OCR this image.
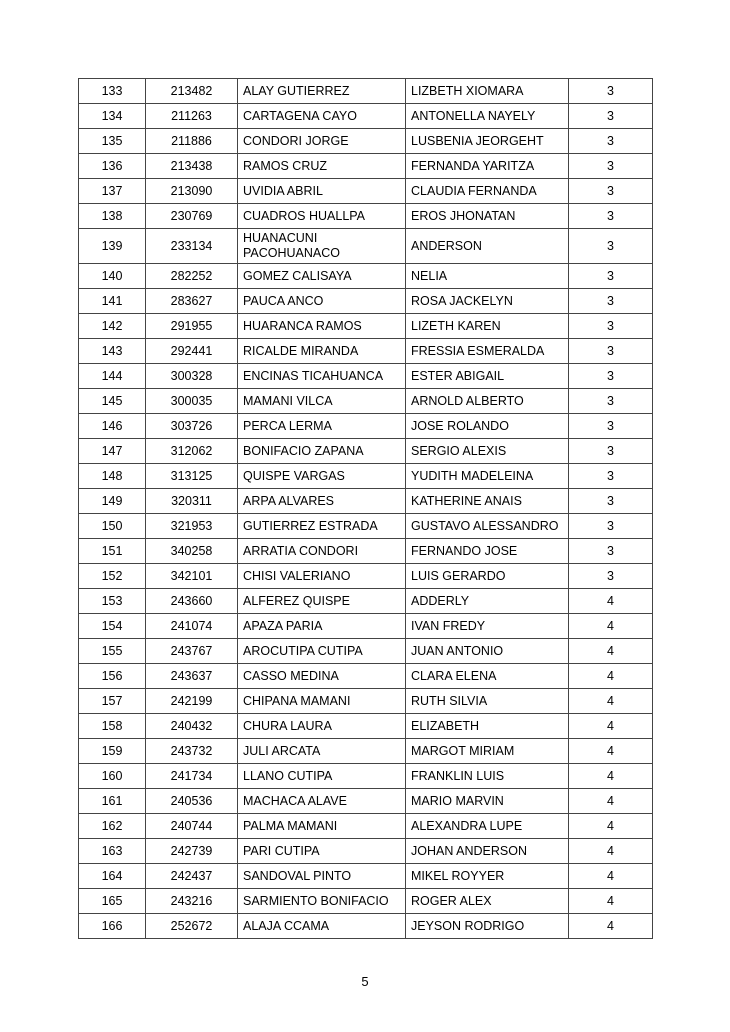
133	213482	ALAY GUTIERREZ	LIZBETH XIOMARA	3
134	211263	CARTAGENA CAYO	ANTONELLA NAYELY	3
135	211886	CONDORI JORGE	LUSBENIA JEORGEHT	3
136	213438	RAMOS CRUZ	FERNANDA YARITZA	3
137	213090	UVIDIA ABRIL	CLAUDIA FERNANDA	3
138	230769	CUADROS HUALLPA	EROS JHONATAN	3
139	233134	HUANACUNI PACOHUANACO	ANDERSON	3
140	282252	GOMEZ CALISAYA	NELIA	3
141	283627	PAUCA ANCO	ROSA JACKELYN	3
142	291955	HUARANCA RAMOS	LIZETH KAREN	3
143	292441	RICALDE MIRANDA	FRESSIA ESMERALDA	3
144	300328	ENCINAS TICAHUANCA	ESTER ABIGAIL	3
145	300035	MAMANI VILCA	ARNOLD ALBERTO	3
146	303726	PERCA LERMA	JOSE ROLANDO	3
147	312062	BONIFACIO ZAPANA	SERGIO ALEXIS	3
148	313125	QUISPE VARGAS	YUDITH MADELEINA	3
149	320311	ARPA ALVARES	KATHERINE ANAIS	3
150	321953	GUTIERREZ ESTRADA	GUSTAVO ALESSANDRO	3
151	340258	ARRATIA CONDORI	FERNANDO JOSE	3
152	342101	CHISI VALERIANO	LUIS GERARDO	3
153	243660	ALFEREZ QUISPE	ADDERLY	4
154	241074	APAZA PARIA	IVAN FREDY	4
155	243767	AROCUTIPA CUTIPA	JUAN ANTONIO	4
156	243637	CASSO MEDINA	CLARA ELENA	4
157	242199	CHIPANA MAMANI	RUTH SILVIA	4
158	240432	CHURA LAURA	ELIZABETH	4
159	243732	JULI ARCATA	MARGOT MIRIAM	4
160	241734	LLANO CUTIPA	FRANKLIN LUIS	4
161	240536	MACHACA ALAVE	MARIO MARVIN	4
162	240744	PALMA MAMANI	ALEXANDRA LUPE	4
163	242739	PARI CUTIPA	JOHAN ANDERSON	4
164	242437	SANDOVAL PINTO	MIKEL ROYYER	4
165	243216	SARMIENTO BONIFACIO	ROGER ALEX	4
166	252672	ALAJA CCAMA	JEYSON RODRIGO	4
5
